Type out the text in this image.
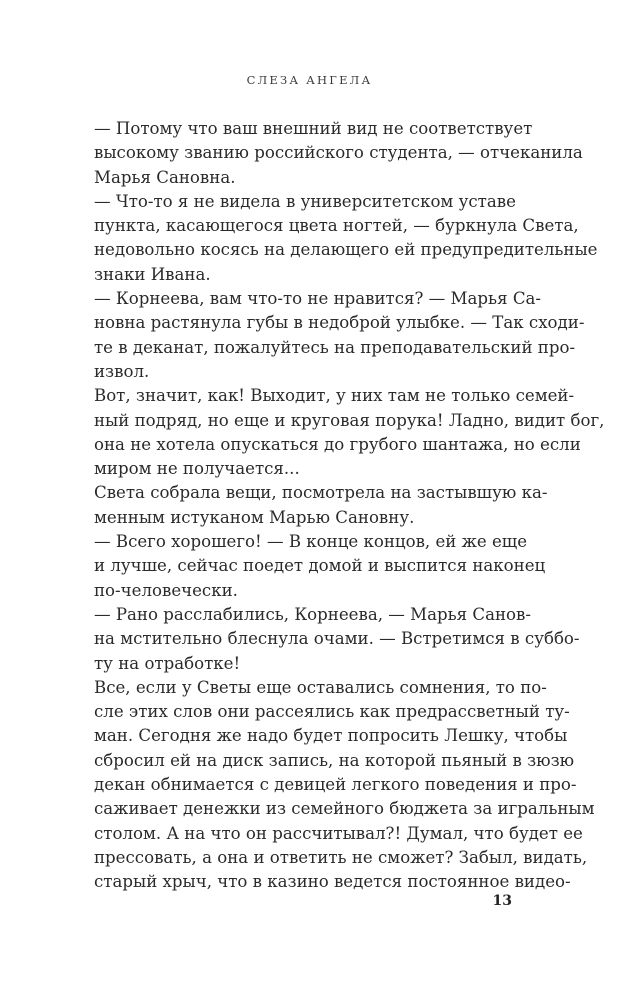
СЛЕЗА АНГЕЛА
— Потому что ваш внешний вид не соответствует
высокому званию российского студента, — отчеканила
Марья Сановна.
— Что-то я не видела в университетском уставе
пункта, касающегося цвета ногтей, — буркнула Света,
недовольно косясь на делающего ей предупредительные
знаки Ивана.
— Корнеева, вам что-то не нравится? — Марья Са-
новна растянула губы в недоброй улыбке. — Так сходи-
те в деканат, пожалуйтесь на преподавательский про-
извол.
Вот, значит, как! Выходит, у них там не только семей-
ный подряд, но еще и круговая порука! Ладно, видит бог,
она не хотела опускаться до грубого шантажа, но если
миром не получается...
Света собрала вещи, посмотрела на застывшую ка-
менным истуканом Марью Сановну.
— Всего хорошего! — В конце концов, ей же еще
и лучше, сейчас поедет домой и выспится наконец
по-человечески.
— Рано расслабились, Корнеева, — Марья Санов-
на мстительно блеснула очами. — Встретимся в суббо-
ту на отработке!
Все, если у Светы еще оставались сомнения, то по-
сле этих слов они рассеялись как предрассветный ту-
ман. Сегодня же надо будет попросить Лешку, чтобы
сбросил ей на диск запись, на которой пьяный в зюзю
декан обнимается с девицей легкого поведения и про-
саживает денежки из семейного бюджета за игральным
столом. А на что он рассчитывал?! Думал, что будет ее
прессовать, а она и ответить не сможет? Забыл, видать,
старый хрыч, что в казино ведется постоянное видео-
13
